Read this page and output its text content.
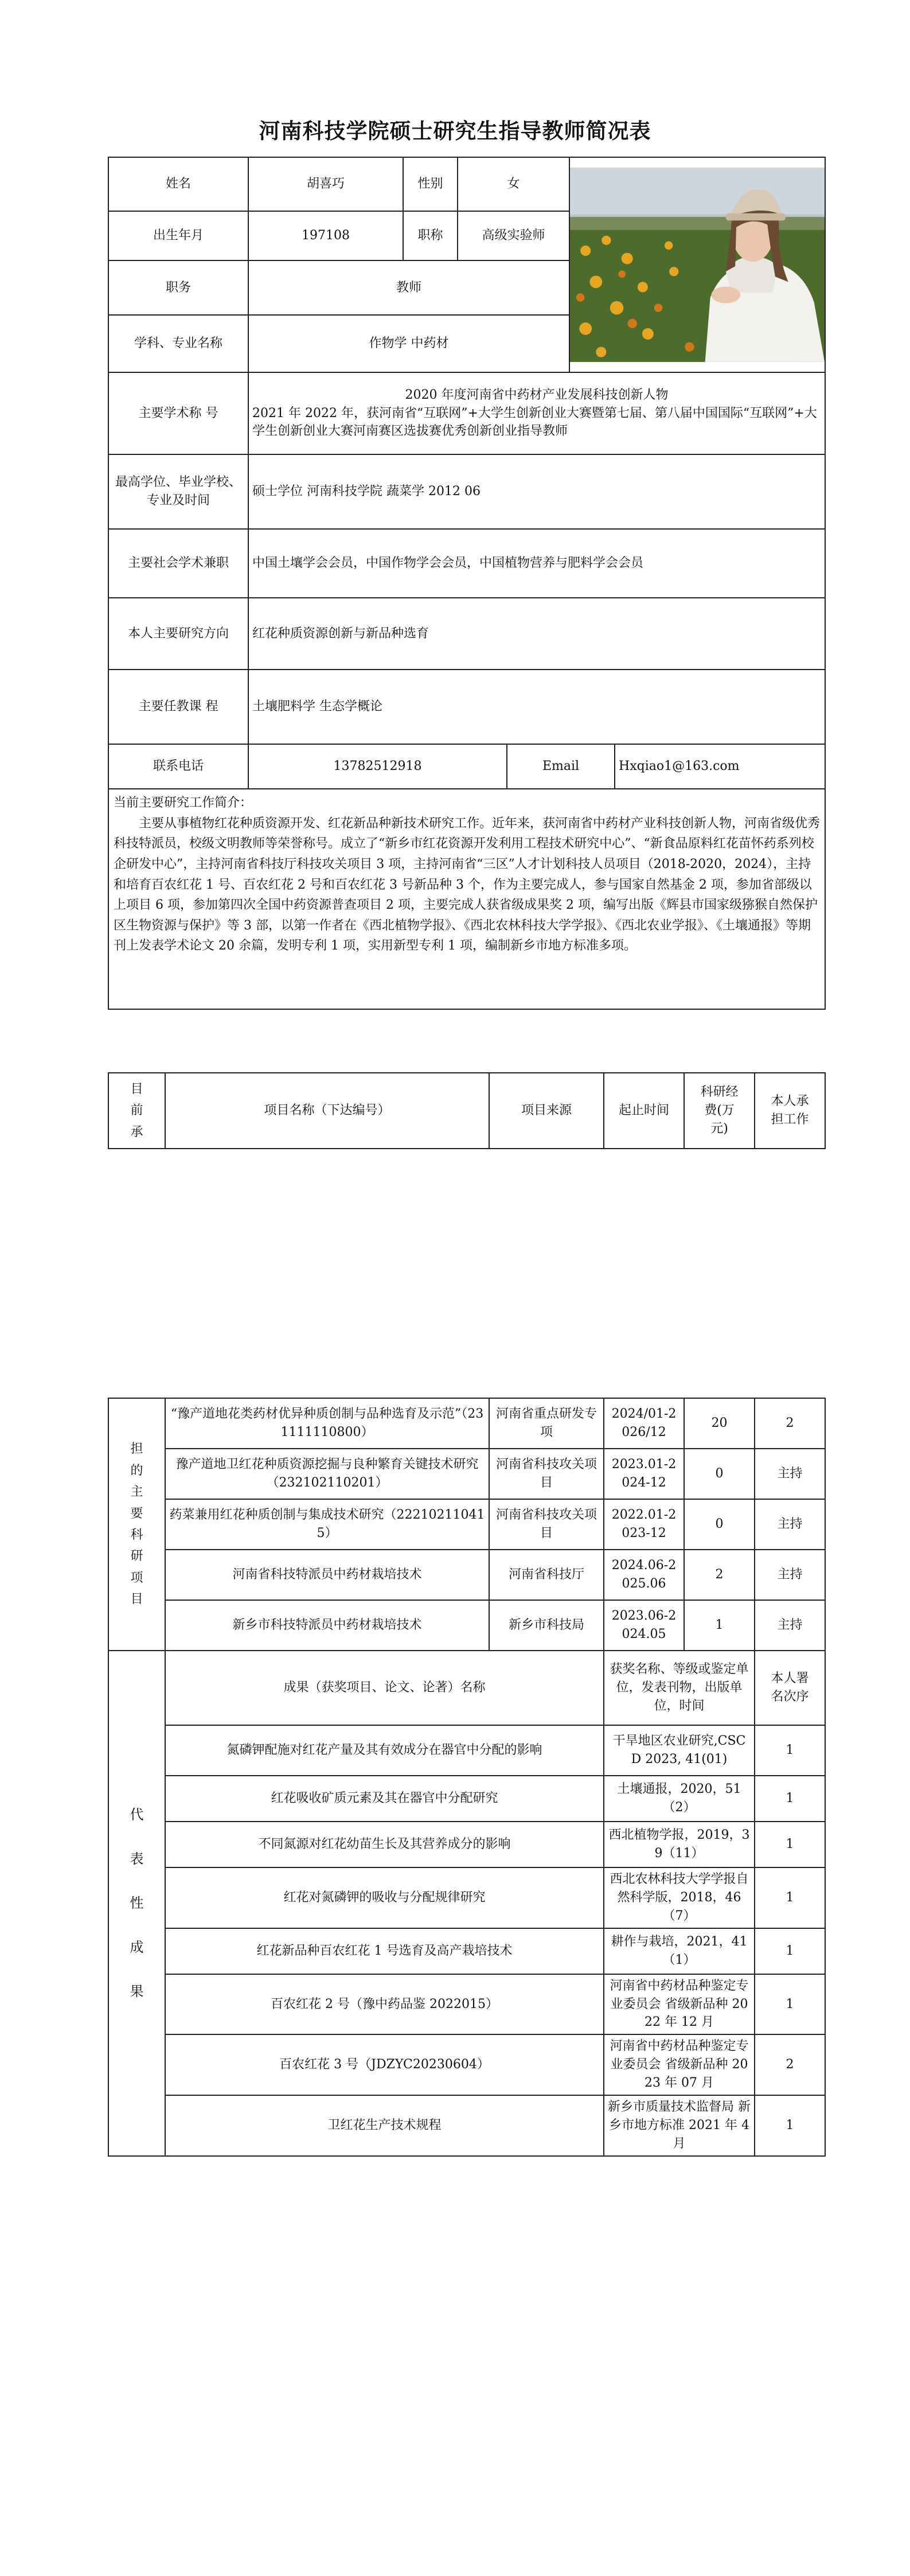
河南科技学院硕士研究生指导教师简况表
姓名	胡喜巧	性别	女	

出生年月	197108	职称	高级实验师			
职务	教师					
学科、专业名称	作物学 中药材					
主要学术称 号	2020 年度河南省中药材产业发展科技创新人物
2021 年 2022 年，获河南省“互联网”+大学生创新创业大赛暨第七届、第八届中国国际“互联网”+大学生创新创业大赛河南赛区选拔赛优秀创新创业指导教师					

最高学位、毕业学校、专业及时间	硕士学位 河南科技学院 蔬菜学 2012 06					
主要社会学术兼职	中国土壤学会会员，中国作物学会会员，中国植物营养与肥料学会会员					
本人主要研究方向	红花种质资源创新与新品种选育					
主要任教课 程	土壤肥料学 生态学概论					
联系电话	13782512918			Email		Hxqiao1@163.com

当前主要研究工作简介：
主要从事植物红花种质资源开发、红花新品种新技术研究工作。近年来，获河南省中药材产业科技创新人物，河南省级优秀科技特派员，校级文明教师等荣誉称号。成立了“新乡市红花资源开发利用工程技术研究中心”、“新食品原料红花苗怀药系列校企研发中心”，主持河南省科技厅科技攻关项目 3 项，主持河南省“三区”人才计划科技人员项目（2018-2020，2024），主持和培育百农红花 1 号、百农红花 2 号和百农红花 3 号新品种 3 个，作为主要完成人，参与国家自然基金 2 项，参加省部级以上项目 6 项，参加第四次全国中药资源普查项目 2 项，主要完成人获省级成果奖 2 项，编写出版《辉县市国家级猕猴自然保护区生物资源与保护》等 3 部，以第一作者在《西北植物学报》、《西北农林科技大学学报》、《西北农业学报》、《土壤通报》等期刊上发表学术论文 20 余篇，发明专利 1 项，实用新型专利 1 项，编制新乡市地方标准多项。						
目前承	项目名称（下达编号）	项目来源	起止时间	科研经费(万元)	本人承担工作
担的主要科研项目	“豫产道地花类药材优异种质创制与品种选育及示范”（231111110800）	河南省重点研发专项	2024/01-2026/12	20	2
	豫产道地卫红花种质资源挖掘与良种繁育关键技术研究（232102110201）	河南省科技攻关项目	2023.01-2024-12	0	主持
	药菜兼用红花种质创制与集成技术研究（222102110415）	河南省科技攻关项目	2022.01-2023-12	0	主持
	河南省科技特派员中药材栽培技术	河南省科技厅	2024.06-2025.06	2	主持
	新乡市科技特派员中药材栽培技术	新乡市科技局	2023.06-2024.05	1	主持
代表性成果	成果（获奖项目、论文、论著）名称		获奖名称、等级或鉴定单位，发表刊物，出版单位，时间		本人署名次序
	氮磷钾配施对红花产量及其有效成分在器官中分配的影响		干旱地区农业研究,CSCD 2023, 41(01)		1
	红花吸收矿质元素及其在器官中分配研究		土壤通报，2020，51（2）		1
	不同氮源对红花幼苗生长及其营养成分的影响		西北植物学报，2019，39（11）		1
	红花对氮磷钾的吸收与分配规律研究		西北农林科技大学学报自然科学版，2018，46（7）		1
	红花新品种百农红花 1 号选育及高产栽培技术		耕作与栽培，2021，41（1）		1
	百农红花 2 号（豫中药品鉴 2022015）		河南省中药材品种鉴定专业委员会 省级新品种 2022 年 12 月		1
	百农红花 3 号（JDZYC20230604）		河南省中药材品种鉴定专业委员会 省级新品种 2023 年 07 月		2
	卫红花生产技术规程		新乡市质量技术监督局 新乡市地方标准 2021 年 4 月		1
